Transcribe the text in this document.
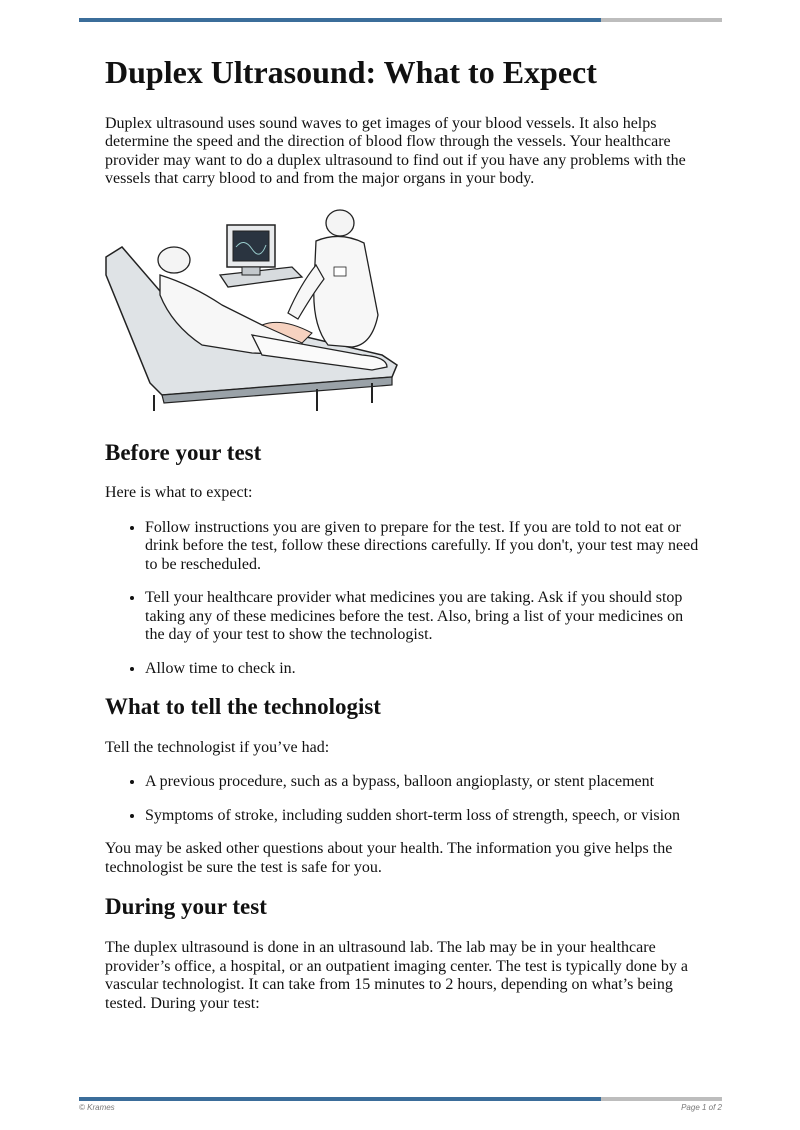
Duplex Ultrasound: What to Expect

Duplex ultrasound uses sound waves to get images of your blood vessels. It also helps determine the speed and the direction of blood flow through the vessels. Your healthcare provider may want to do a duplex ultrasound to find out if you have any problems with the vessels that carry blood to and from the major organs in your body.

Before your test

Here is what to expect:

• Follow instructions you are given to prepare for the test. If you are told to not eat or drink before the test, follow these directions carefully. If you don't, your test may need to be rescheduled.
• Tell your healthcare provider what medicines you are taking. Ask if you should stop taking any of these medicines before the test. Also, bring a list of your medicines on the day of your test to show the technologist.
• Allow time to check in.
What to tell the technologist

Tell the technologist if you’ve had:

• A previous procedure, such as a bypass, balloon angioplasty, or stent placement
• Symptoms of stroke, including sudden short-term loss of strength, speech, or vision

You may be asked other questions about your health. The information you give helps the technologist be sure the test is safe for you.

During your test

The duplex ultrasound is done in an ultrasound lab. The lab may be in your healthcare provider’s office, a hospital, or an outpatient imaging center. The test is typically done by a vascular technologist. It can take from 15 minutes to 2 hours, depending on what’s being tested. During your test:

© Krames	Page 1 of 2
